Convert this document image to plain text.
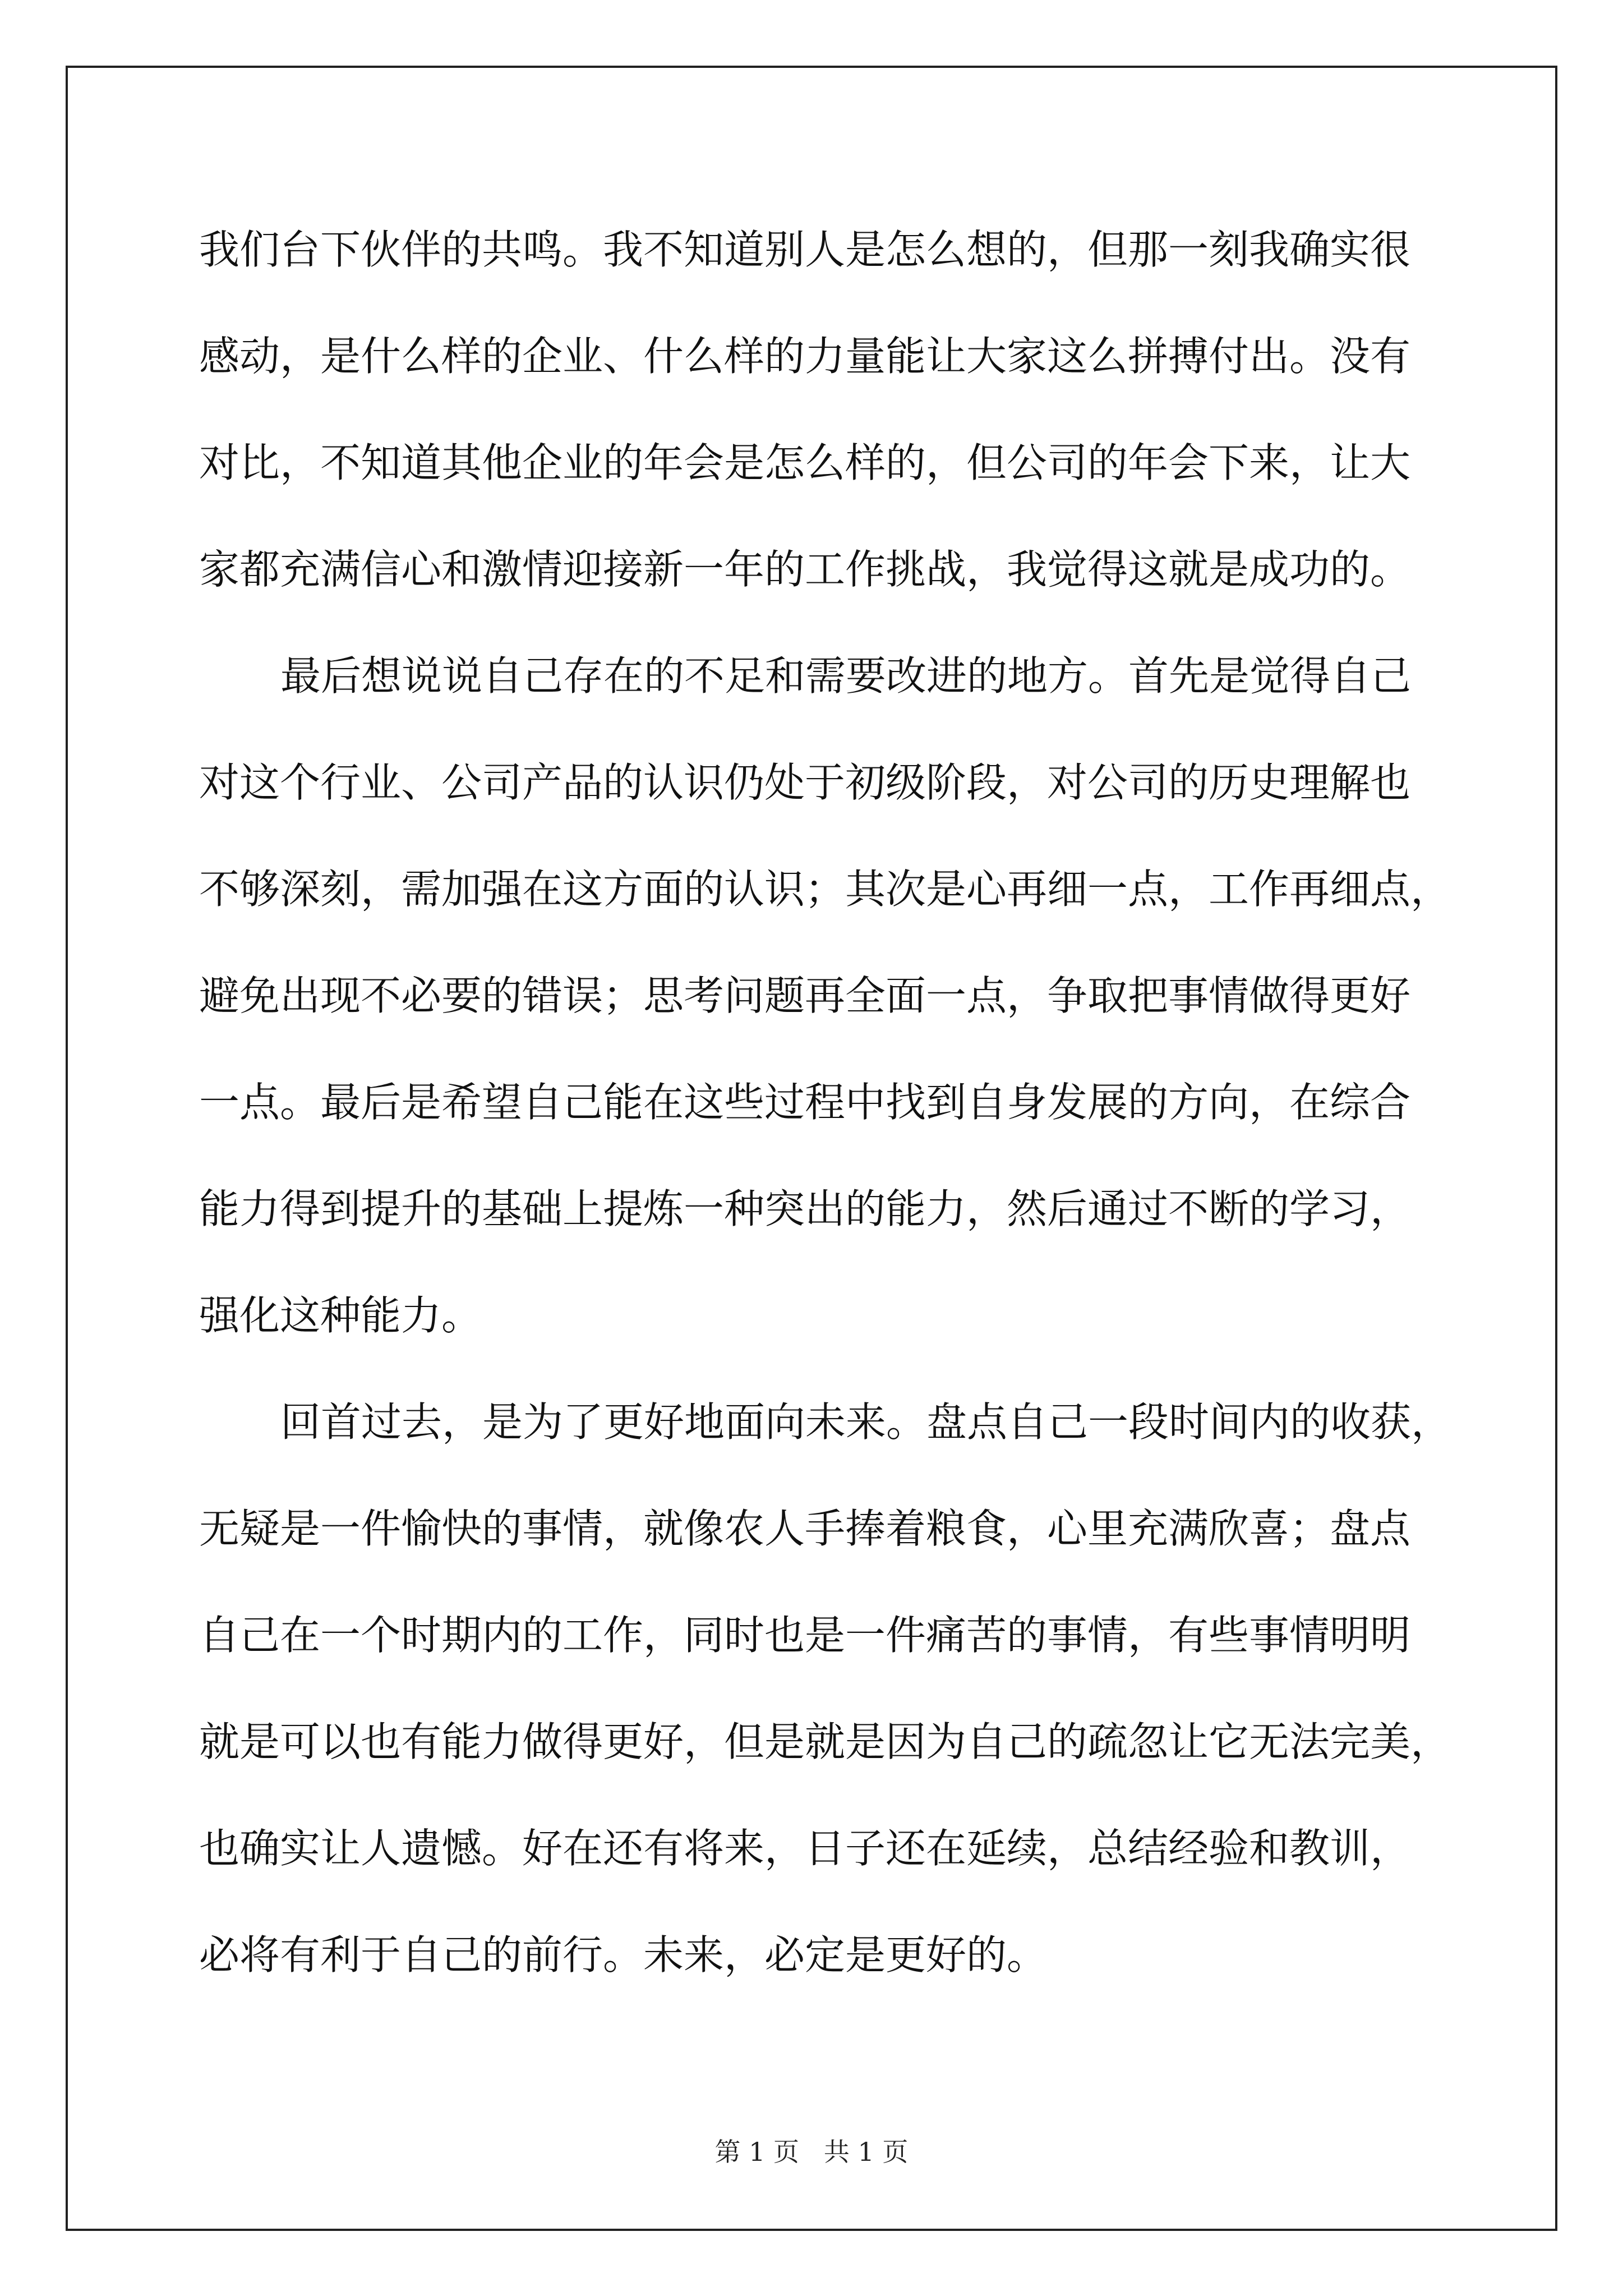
我们台下伙伴的共鸣。我不知道别人是怎么想的，但那一刻我确实很
感动，是什么样的企业、什么样的力量能让大家这么拼搏付出。没有
对比，不知道其他企业的年会是怎么样的，但公司的年会下来，让大
家都充满信心和激情迎接新一年的工作挑战，我觉得这就是成功的。
最后想说说自己存在的不足和需要改进的地方。首先是觉得自己
对这个行业、公司产品的认识仍处于初级阶段，对公司的历史理解也
不够深刻，需加强在这方面的认识；其次是心再细一点，工作再细点，
避免出现不必要的错误；思考问题再全面一点，争取把事情做得更好
一点。最后是希望自己能在这些过程中找到自身发展的方向，在综合
能力得到提升的基础上提炼一种突出的能力，然后通过不断的学习，
强化这种能力。
回首过去，是为了更好地面向未来。盘点自己一段时间内的收获，
无疑是一件愉快的事情，就像农人手捧着粮食，心里充满欣喜；盘点
自己在一个时期内的工作，同时也是一件痛苦的事情，有些事情明明
就是可以也有能力做得更好，但是就是因为自己的疏忽让它无法完美，
也确实让人遗憾。好在还有将来，日子还在延续，总结经验和教训，
必将有利于自己的前行。未来，必定是更好的。
第 1 页   共 1 页
